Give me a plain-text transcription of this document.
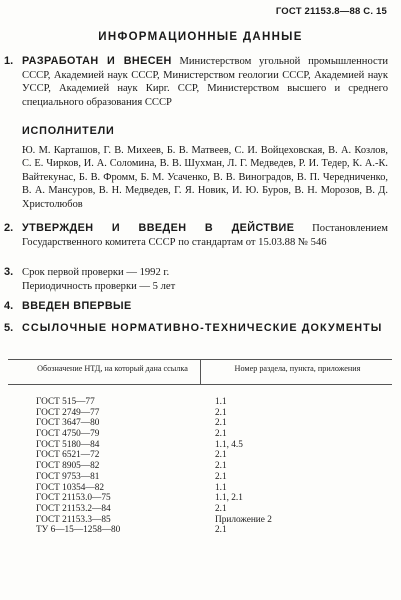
ГОСТ 21153.8—88 С. 15
ИНФОРМАЦИОННЫЕ ДАННЫЕ
1. РАЗРАБОТАН И ВНЕСЕН Министерством угольной промышленности СССР, Академией наук СССР, Министерством геологии СССР, Академией наук УССР, Академией наук Кирг. ССР, Министерством высшего и среднего специального образования СССР
ИСПОЛНИТЕЛИ
Ю. М. Карташов, Г. В. Михеев, Б. В. Матвеев, С. И. Войцеховская, В. А. Козлов, С. Е. Чирков, И. А. Соломина, В. В. Шухман, Л. Г. Медведев, Р. И. Тедер, К. А.-К. Вайтекунас, Б. В. Фромм, Б. М. Усаченко, В. В. Виноградов, В. П. Чередниченко, В. А. Мансуров, В. Н. Медведев, Г. Я. Новик, И. Ю. Буров, В. Н. Морозов, В. Д. Христолюбов
2. УТВЕРЖДЕН И ВВЕДЕН В ДЕЙСТВИЕ Постановлением Государственного комитета СССР по стандартам от 15.03.88 № 546
3. Срок первой проверки — 1992 г.
Периодичность проверки — 5 лет
4. ВВЕДЕН ВПЕРВЫЕ
5. ССЫЛОЧНЫЕ НОРМАТИВНО-ТЕХНИЧЕСКИЕ ДОКУМЕНТЫ
Обозначение НТД, на который дана ссылка	Номер раздела, пункта, приложения
ГОСТ 515—77	1.1
ГОСТ 2749—77	2.1
ГОСТ 3647—80	2.1
ГОСТ 4750—79	2.1
ГОСТ 5180—84	1.1, 4.5
ГОСТ 6521—72	2.1
ГОСТ 8905—82	2.1
ГОСТ 9753—81	2.1
ГОСТ 10354—82	1.1
ГОСТ 21153.0—75	1.1, 2.1
ГОСТ 21153.2—84	2.1
ГОСТ 21153.3—85	Приложение 2
ТУ 6—15—1258—80	2.1
